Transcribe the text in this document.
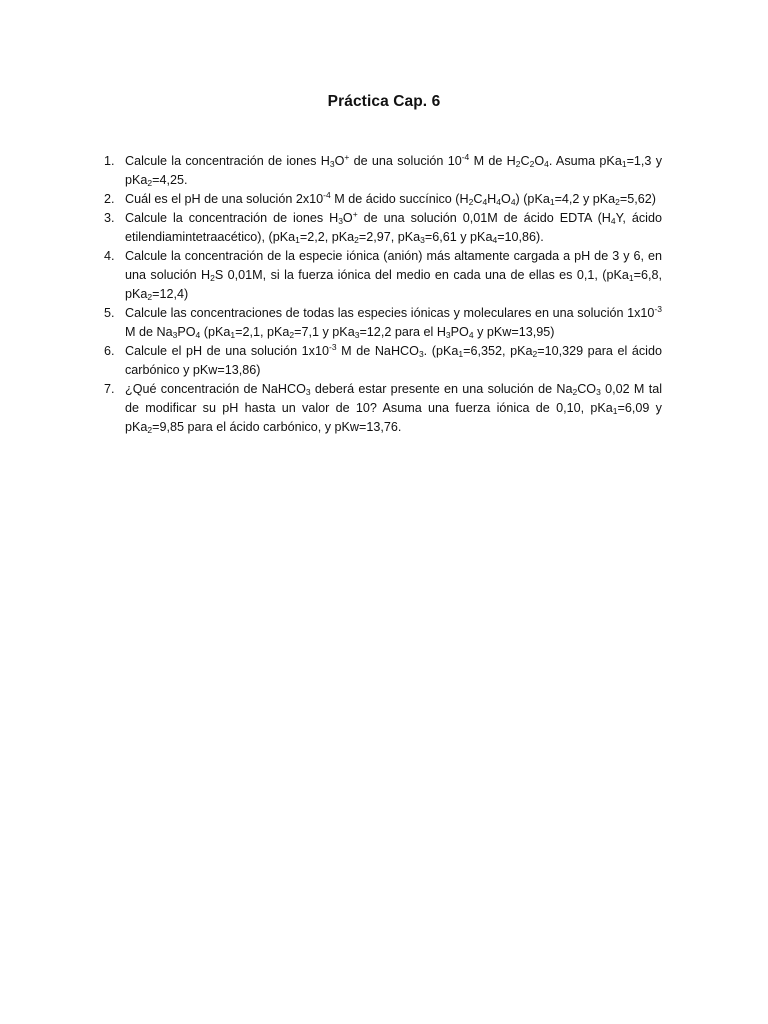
Práctica Cap. 6
1. Calcule la concentración de iones $H_3O^+$ de una solución $10^{-4}$ M de $H_2C_2O_4$. Asuma pKa$_1$=1,3 y pKa$_2$=4,25.
2. Cuál es el pH de una solución $2x10^{-4}$ M de ácido succínico $(H_2C_4H_4O_4)$ (pKa$_1$=4,2 y pKa$_2$=5,62)
3. Calcule la concentración de iones $H_3O^+$ de una solución 0,01M de ácido EDTA ($H_4Y$, ácido etilendiamintetraacético), (pKa$_1$=2,2, pKa$_2$=2,97, pKa$_3$=6,61 y pKa$_4$=10,86).
4. Calcule la concentración de la especie iónica (anión) más altamente cargada a pH de 3 y 6, en una solución $H_2S$ 0,01M, si la fuerza iónica del medio en cada una de ellas es 0,1, (pKa$_1$=6,8, pKa$_2$=12,4)
5. Calcule las concentraciones de todas las especies iónicas y moleculares en una solución $1x10^{-3}$ M de $Na_3PO_4$ (pKa$_1$=2,1, pKa$_2$=7,1 y pKa$_3$=12,2 para el $H_3PO_4$ y pKw=13,95)
6. Calcule el pH de una solución $1x10^{-3}$ M de NaHCO$_3$. (pKa$_1$=6,352, pKa$_2$=10,329 para el ácido carbónico y pKw=13,86)
7. ¿Qué concentración de NaHCO$_3$ deberá estar presente en una solución de $Na_2CO_3$ 0,02 M tal de modificar su pH hasta un valor de 10? Asuma una fuerza iónica de 0,10, pKa$_1$=6,09 y pKa$_2$=9,85 para el ácido carbónico, y pKw=13,76.
